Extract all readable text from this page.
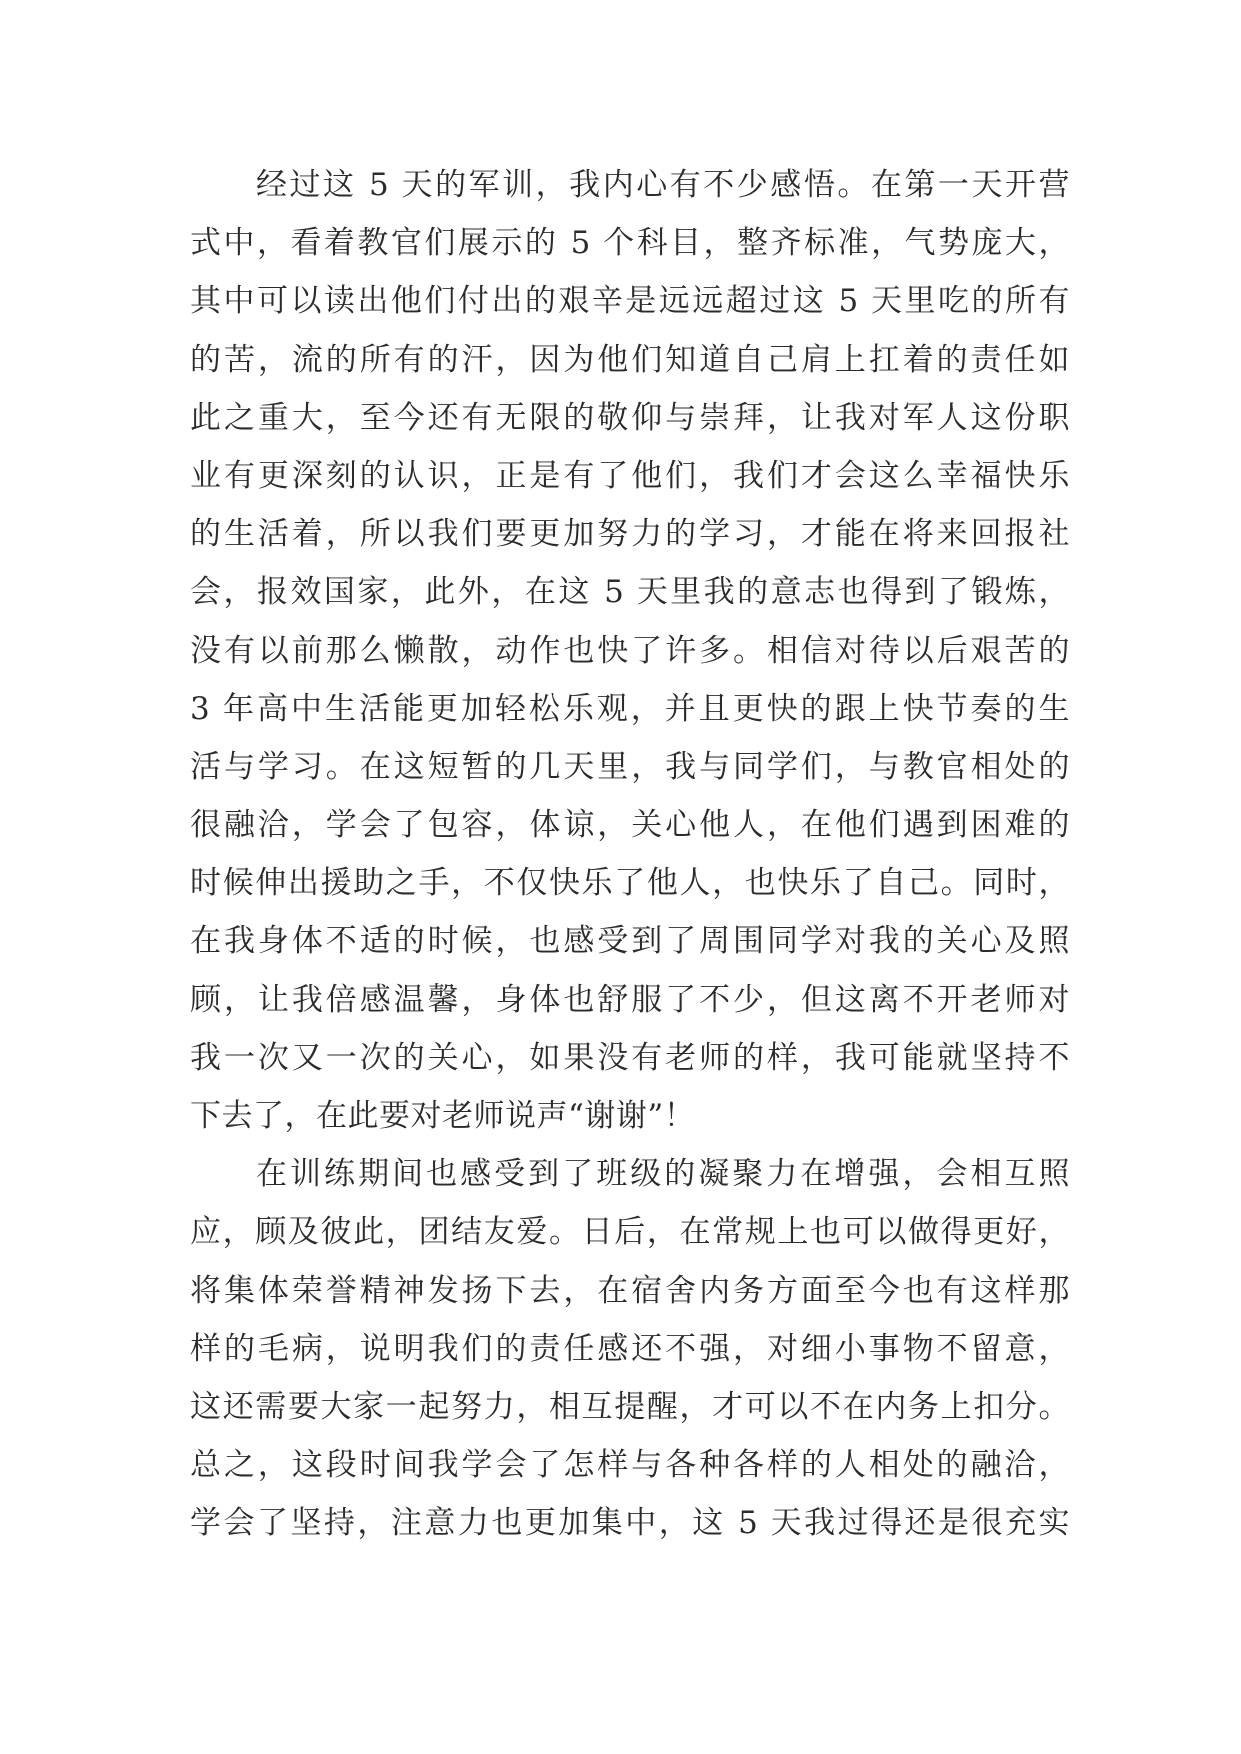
经过这 5 天的军训，我内心有不少感悟。在第一天开营
式中，看着教官们展示的 5 个科目，整齐标准，气势庞大，
其中可以读出他们付出的艰辛是远远超过这 5 天里吃的所有
的苦，流的所有的汗，因为他们知道自己肩上扛着的责任如
此之重大，至今还有无限的敬仰与崇拜，让我对军人这份职
业有更深刻的认识，正是有了他们，我们才会这么幸福快乐
的生活着，所以我们要更加努力的学习，才能在将来回报社
会，报效国家，此外，在这 5 天里我的意志也得到了锻炼，
没有以前那么懒散，动作也快了许多。相信对待以后艰苦的
3 年高中生活能更加轻松乐观，并且更快的跟上快节奏的生
活与学习。在这短暂的几天里，我与同学们，与教官相处的
很融洽，学会了包容，体谅，关心他人，在他们遇到困难的
时候伸出援助之手，不仅快乐了他人，也快乐了自己。同时，
在我身体不适的时候，也感受到了周围同学对我的关心及照
顾，让我倍感温馨，身体也舒服了不少，但这离不开老师对
我一次又一次的关心，如果没有老师的样，我可能就坚持不
下去了，在此要对老师说声“谢谢”！
在训练期间也感受到了班级的凝聚力在增强，会相互照
应，顾及彼此，团结友爱。日后，在常规上也可以做得更好，
将集体荣誉精神发扬下去，在宿舍内务方面至今也有这样那
样的毛病，说明我们的责任感还不强，对细小事物不留意，
这还需要大家一起努力，相互提醒，才可以不在内务上扣分。
总之，这段时间我学会了怎样与各种各样的人相处的融洽，
学会了坚持，注意力也更加集中，这 5 天我过得还是很充实
